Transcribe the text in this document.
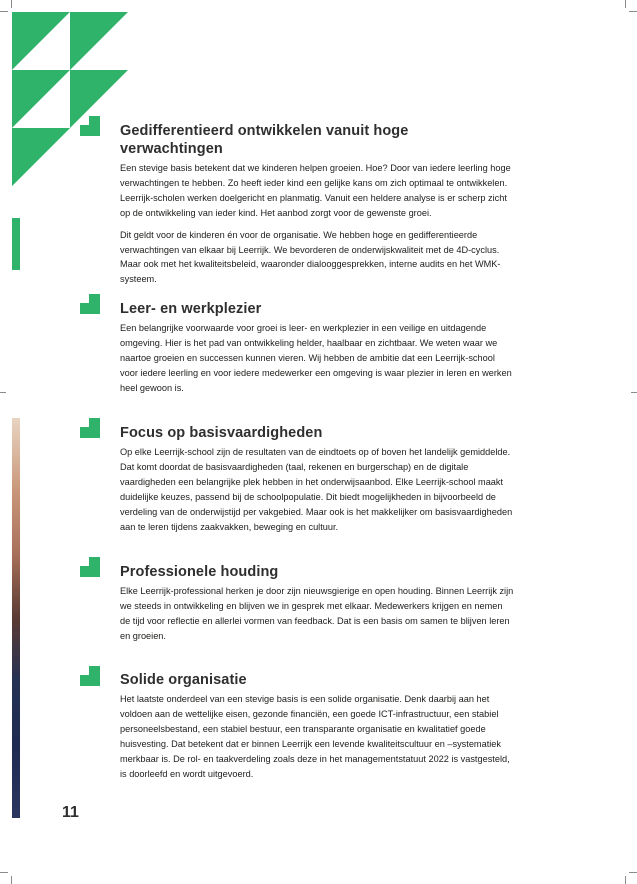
Gedifferentieerd ontwikkelen vanuit hoge verwachtingen

Een stevige basis betekent dat we kinderen helpen groeien. Hoe? Door van iedere leerling hoge verwachtingen te hebben. Zo heeft ieder kind een gelijke kans om zich optimaal te ontwikkelen. Leerrijk-scholen werken doelgericht en planmatig. Vanuit een heldere analyse is er scherp zicht op de ontwikkeling van ieder kind. Het aanbod zorgt voor de gewenste groei.

Dit geldt voor de kinderen én voor de organisatie. We hebben hoge en gedifferentieerde verwachtingen van elkaar bij Leerrijk. We bevorderen de onderwijskwaliteit met de 4D-cyclus. Maar ook met het kwaliteitsbeleid, waaronder dialooggesprekken, interne audits en het WMK-systeem.

Leer- en werkplezier

Een belangrijke voorwaarde voor groei is leer- en werkplezier in een veilige en uitdagende omgeving. Hier is het pad van ontwikkeling helder, haalbaar en zichtbaar. We weten waar we naartoe groeien en successen kunnen vieren. Wij hebben de ambitie dat een Leerrijk-school voor iedere leerling en voor iedere medewerker een omgeving is waar plezier in leren en werken heel gewoon is.

Focus op basisvaardigheden

Op elke Leerrijk-school zijn de resultaten van de eindtoets op of boven het landelijk gemiddelde. Dat komt doordat de basisvaardigheden (taal, rekenen en burgerschap) en de digitale vaardigheden een belangrijke plek hebben in het onderwijsaanbod. Elke Leerrijk-school maakt duidelijke keuzes, passend bij de schoolpopulatie. Dit biedt mogelijkheden in bijvoorbeeld de verdeling van de onderwijstijd per vakgebied. Maar ook is het makkelijker om basisvaardigheden aan te leren tijdens zaakvakken, beweging en cultuur.

Professionele houding

Elke Leerrijk-professional herken je door zijn nieuwsgierige en open houding. Binnen Leerrijk zijn we steeds in ontwikkeling en blijven we in gesprek met elkaar. Medewerkers krijgen en nemen de tijd voor reflectie en allerlei vormen van feedback. Dat is een basis om samen te blijven leren en groeien.

Solide organisatie

Het laatste onderdeel van een stevige basis is een solide organisatie. Denk daarbij aan het voldoen aan de wettelijke eisen, gezonde financiën, een goede ICT-infrastructuur, een stabiel personeelsbestand, een stabiel bestuur, een transparante organisatie en kwalitatief goede huisvesting. Dat betekent dat er binnen Leerrijk een levende kwaliteitscultuur en –systematiek merkbaar is. De rol- en taakverdeling zoals deze in het managementstatuut 2022 is vastgesteld, is doorleefd en wordt uitgevoerd.

11
